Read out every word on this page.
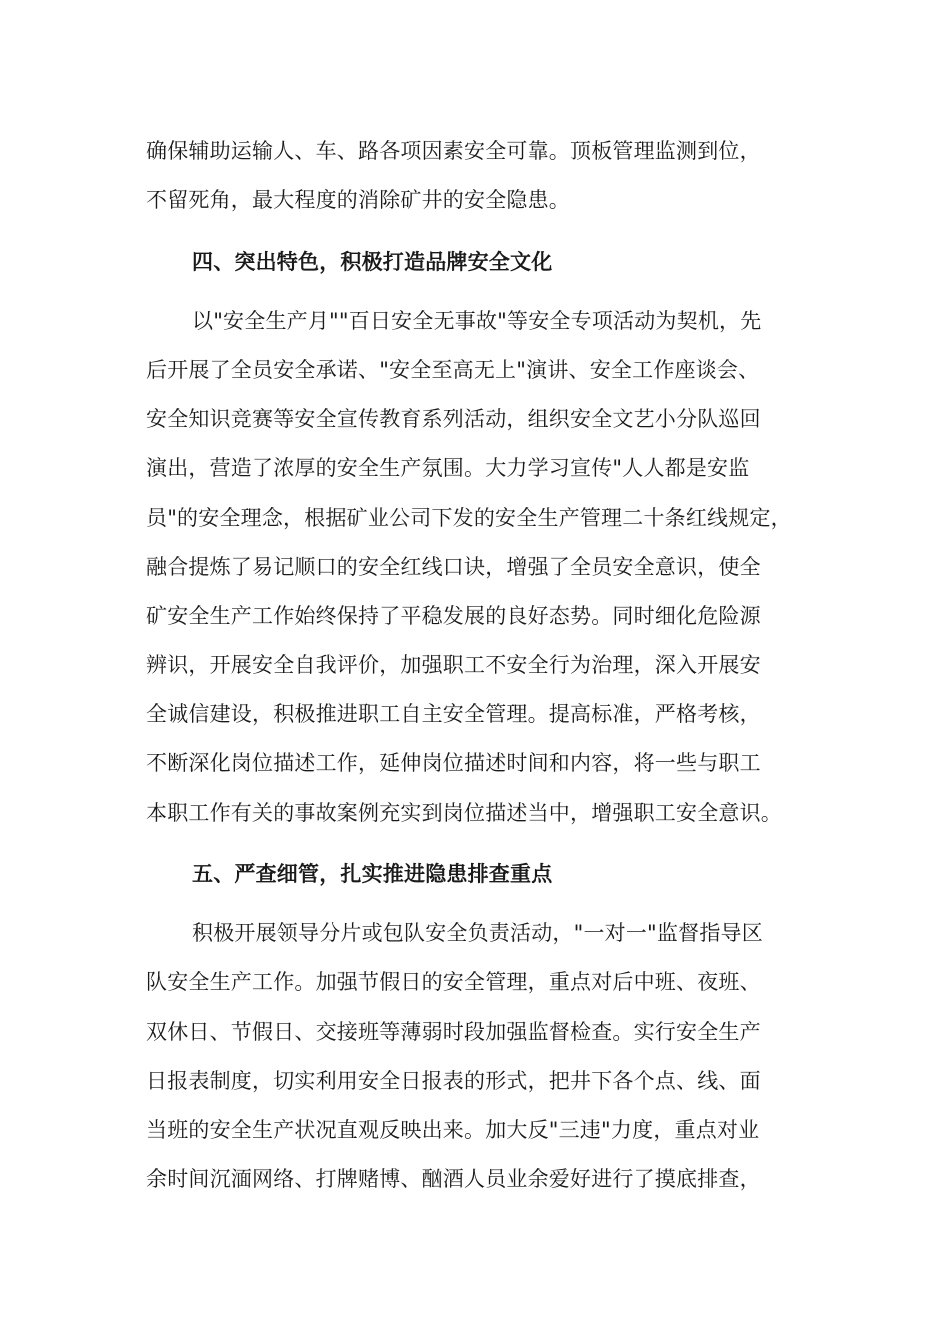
确保辅助运输人、车、路各项因素安全可靠。顶板管理监测到位，
不留死角，最大程度的消除矿井的安全隐患。
四、突出特色，积极打造品牌安全文化
以"安全生产月""百日安全无事故"等安全专项活动为契机，先
后开展了全员安全承诺、"安全至高无上"演讲、安全工作座谈会、
安全知识竞赛等安全宣传教育系列活动，组织安全文艺小分队巡回
演出，营造了浓厚的安全生产氛围。大力学习宣传"人人都是安监
员"的安全理念，根据矿业公司下发的安全生产管理二十条红线规定，
融合提炼了易记顺口的安全红线口诀，增强了全员安全意识，使全
矿安全生产工作始终保持了平稳发展的良好态势。同时细化危险源
辨识，开展安全自我评价，加强职工不安全行为治理，深入开展安
全诚信建设，积极推进职工自主安全管理。提高标准，严格考核，
不断深化岗位描述工作，延伸岗位描述时间和内容，将一些与职工
本职工作有关的事故案例充实到岗位描述当中，增强职工安全意识。
五、严查细管，扎实推进隐患排查重点
积极开展领导分片或包队安全负责活动，"一对一"监督指导区
队安全生产工作。加强节假日的安全管理，重点对后中班、夜班、
双休日、节假日、交接班等薄弱时段加强监督检查。实行安全生产
日报表制度，切实利用安全日报表的形式，把井下各个点、线、面
当班的安全生产状况直观反映出来。加大反"三违"力度，重点对业
余时间沉湎网络、打牌赌博、酗酒人员业余爱好进行了摸底排查，
